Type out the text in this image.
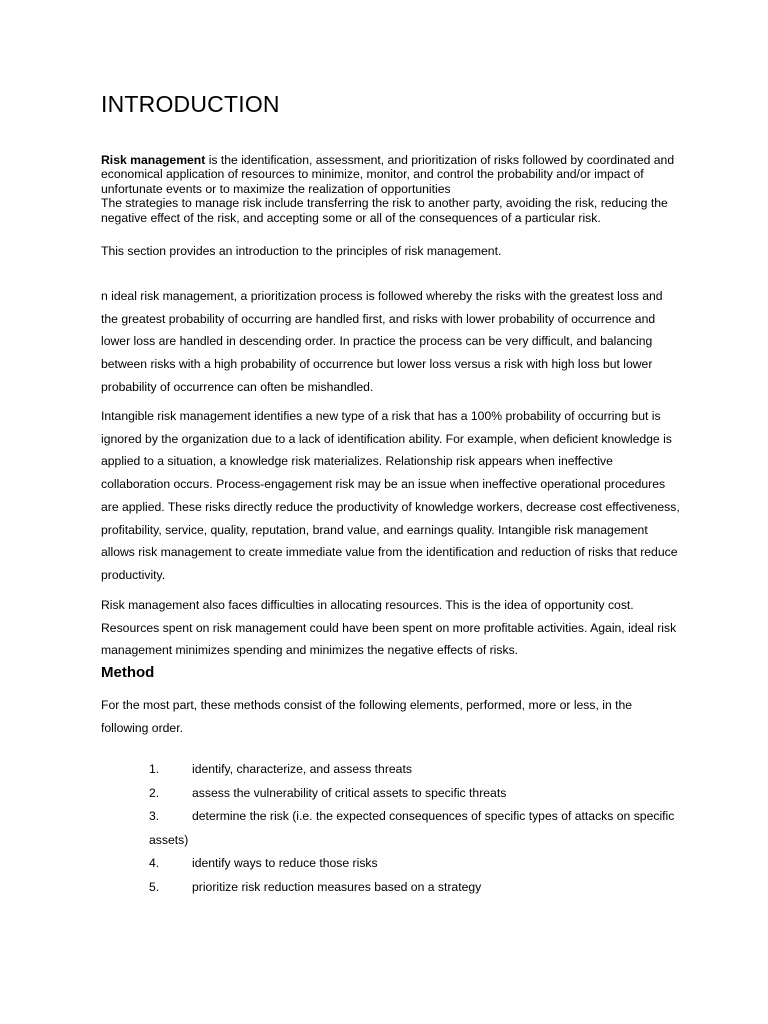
INTRODUCTION
Risk management is the identification, assessment, and prioritization of risks followed by coordinated and
economical application of resources to minimize, monitor, and control the probability and/or impact of
unfortunate events or to maximize the realization of opportunities
The strategies to manage risk include transferring the risk to another party, avoiding the risk, reducing the
negative effect of the risk, and accepting some or all of the consequences of a particular risk.

This section provides an introduction to the principles of risk management.

n ideal risk management, a prioritization process is followed whereby the risks with the greatest loss and
the greatest probability of occurring are handled first, and risks with lower probability of occurrence and
lower loss are handled in descending order. In practice the process can be very difficult, and balancing
between risks with a high probability of occurrence but lower loss versus a risk with high loss but lower
probability of occurrence can often be mishandled.
Intangible risk management identifies a new type of a risk that has a 100% probability of occurring but is
ignored by the organization due to a lack of identification ability. For example, when deficient knowledge is
applied to a situation, a knowledge risk materializes. Relationship risk appears when ineffective
collaboration occurs. Process-engagement risk may be an issue when ineffective operational procedures
are applied. These risks directly reduce the productivity of knowledge workers, decrease cost effectiveness,
profitability, service, quality, reputation, brand value, and earnings quality. Intangible risk management
allows risk management to create immediate value from the identification and reduction of risks that reduce
productivity.
Risk management also faces difficulties in allocating resources. This is the idea of opportunity cost.
Resources spent on risk management could have been spent on more profitable activities. Again, ideal risk
management minimizes spending and minimizes the negative effects of risks.
Method
For the most part, these methods consist of the following elements, performed, more or less, in the
following order.
1.	identify, characterize, and assess threats
2.	assess the vulnerability of critical assets to specific threats
3.	determine the risk (i.e. the expected consequences of specific types of attacks on specific
assets)
4.	identify ways to reduce those risks
5.	prioritize risk reduction measures based on a strategy
